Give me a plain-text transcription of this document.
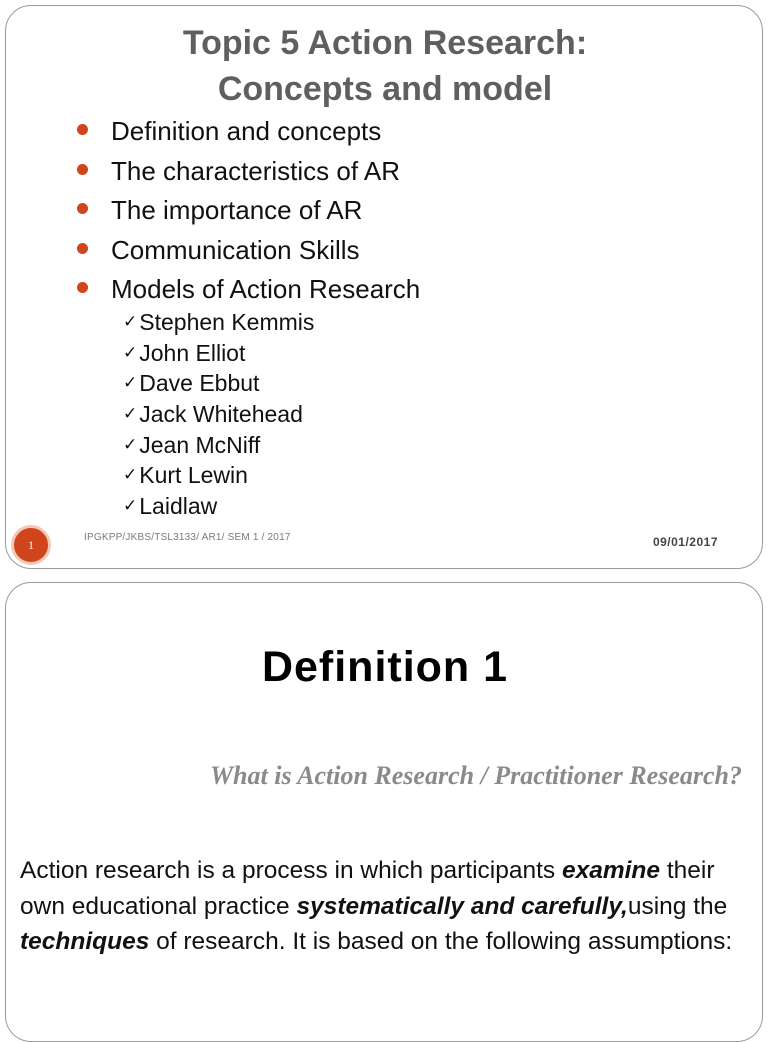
Topic 5 Action Research:
Concepts and model
Definition and concepts
The characteristics of AR
The importance of AR
Communication Skills
Models of Action Research
✓Stephen Kemmis
✓John Elliot
✓Dave Ebbut
✓Jack Whitehead
✓Jean McNiff
✓Kurt Lewin
✓Laidlaw
1
IPGKPP/JKBS/TSL3133/ AR1/ SEM 1 / 2017	09/01/2017
Definition 1
What is Action Research / Practitioner Research?

Action research is a process in which participants examine their own educational practice systematically and carefully,using the techniques of research. It is based on the following assumptions:
